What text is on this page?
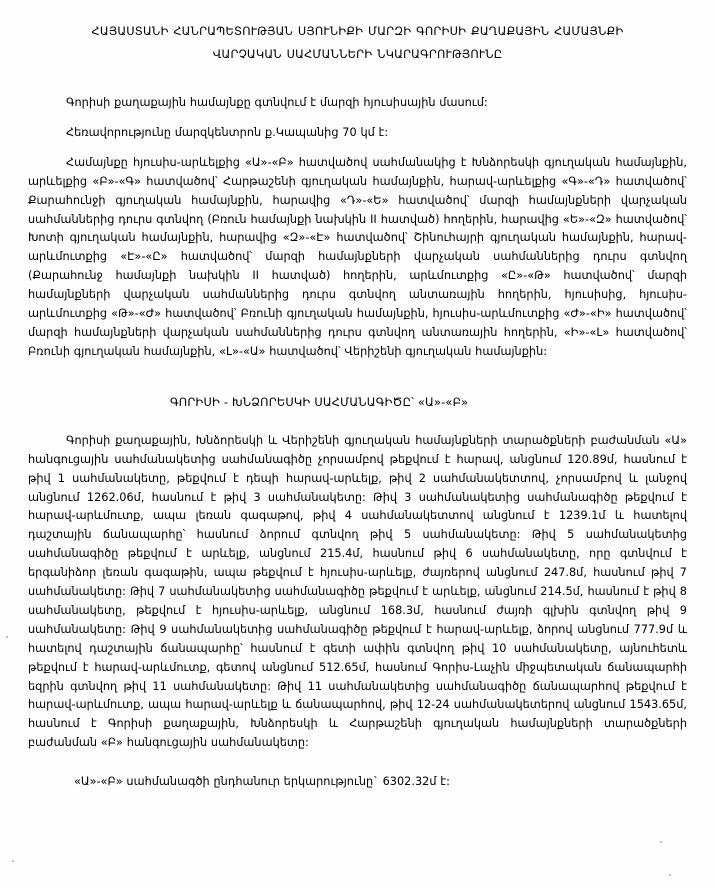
ՀԱՅԱՍՏԱՆԻ ՀԱՆՐԱՊԵՏՈՒԹՅԱՆ ՍՅՈՒՆԻՔԻ ՄԱՐԶԻ ԳՈՐԻՍԻ ՔԱՂԱՔԱՅԻՆ ՀԱՄԱՅՆՔԻ
ՎԱՐՉԱԿԱՆ ՍԱՀՄԱՆՆԵՐԻ ՆԿԱՐԱԳՐՈՒԹՅՈՒՆԸ

Գորիսի քաղաքային համայնքը գտնվում է մարզի հյուսիսային մասում:

Հեռավորությունը մարզկենտրոն ք.Կապանից 70 կմ է:

Համայնքը հյուսիս-արևելքից «Ա»-«Բ» հատվածով սահմանակից է Խնձորեսկի գյուղական համայնքին, արևելքից «Բ»-«Գ» հատվածով՝ Հարթաշենի գյուղական համայնքին, հարավ-արևելքից «Գ»-«Դ» հատվածով՝ Քարահունջի գյուղական համայնքին, հարավից «Դ»-«Ե» հատվածով՝ մարզի համայնքների վարչական սահմաններից դուրս գտնվող (Բռուն համայնքի նախկին II հատված) հողերին, հարավից «Ե»-«Զ» հատվածով՝ Խոտի գյուղական համայնքին, հարավից «Զ»-«Է» հատվածով՝ Շինուհայրի գյուղական համայնքին, հարավ-արևմուտքից «Է»-«Ը» հատվածով՝ մարզի համայնքների վարչական սահմաններից դուրս գտնվող (Քարահունջ համայնքի նախկին II հատված) հողերին, արևմուտքից «Ը»-«Թ» հատվածով՝ մարզի համայնքների վարչական սահմաններից դուրս գտնվող անտառային հողերին, հյուսիսից, հյուսիս-արևմուտքից «Թ»-«Ժ» հատվածով՝ Բռունի գյուղական համայնքին, հյուսիս-արևմուտքից «Ժ»-«Ի» հատվածով՝ մարզի համայնքների վարչական սահմաններից դուրս գտնվող անտառային հողերին, «Ի»-«Լ» հատվածով՝ Բռունի գյուղական համայնքին, «Լ»-«Ա» հատվածով՝ Վերիշենի գյուղական համայնքին:

ԳՈՐԻՍԻ - ԽՆՁՈՐԵՍԿԻ ՍԱՀՄԱՆԱԳԻԾԸ՝ «Ա»-«Բ»

Գորիսի քաղաքային, Խնձորեսկի և Վերիշենի գյուղական համայնքների տարածքների բաժանման «Ա» հանգուցային սահմանակետից սահմանագիծը չորսամբով թեքվում է հարավ, անցնում 120.89մ, հասնում է թիվ 1 սահմանակետը, թեքվում է դեպի հարավ-արևելք, թիվ 2 սահմանակետտով, չորսամբով և լանջով անցնում 1262.06մ, հասնում է թիվ 3 սահմանակետը: Թիվ 3 սահմանակետից սահմանագիծը թեքվում է հարավ-արևմուտք, ապա լեռան գագաթով, թիվ 4 սահմանակետտով անցնում է 1239.1մ և հատելով դաշտային ճանապարհը՝ հասնում ձորում գտնվող թիվ 5 սահմանակետը: Թիվ 5 սահմանակետից սահմանագիծը թեքվում է արևելք, անցնում 215.4մ, հասնում թիվ 6 սահմանակետը, որը գտնվում է երգանիձոր լեռան գագաթին, ապա թեքվում է հյուսիս-արևելք, ժայռերով անցնում 247.8մ, հասնում թիվ 7 սահմանակետը: Թիվ 7 սահմանակետից սահմանագիծը թեքվում է արևելք, անցնում 214.5մ, հասնում է թիվ 8 սահմանակետը, թեքվում է հյուսիս-արևելք, անցնում 168.3մ, հասնում ժայռի գլխին գտնվող թիվ 9 սահմանակետը: Թիվ 9 սահմանակետից սահմանագիծը թեքվում է հարավ-արևելք, ձորով անցնում 777.9մ և հատելով դաշտային ճանապարհը՝ հասնում է գետի ափին գտնվող թիվ 10 սահմանակետը, այնուհետև թեքվում է հարավ-արևմուտք, գետով անցնում 512.65մ, հասնում Գորիս-Լաչին միջպետական ճանապարհի եզրին գտնվող թիվ 11 սահմանակետը: Թիվ 11 սահմանակետից սահմանագիծը ճանապարհով թեքվում է հարավ-արևմուտք, ապա հարավ-արևելք և ճանապարհով, թիվ 12-24 սահմանակետերով անցնում 1543.65մ, հասնում է Գորիսի քաղաքային, Խնձորեսկի և Հարթաշենի գյուղական համայնքների տարածքների բաժանման «Բ» հանգուցային սահմանակետը:

«Ա»-«Բ» սահմանագծի ընդհանուր երկարությունը` 6302.32մ է:
